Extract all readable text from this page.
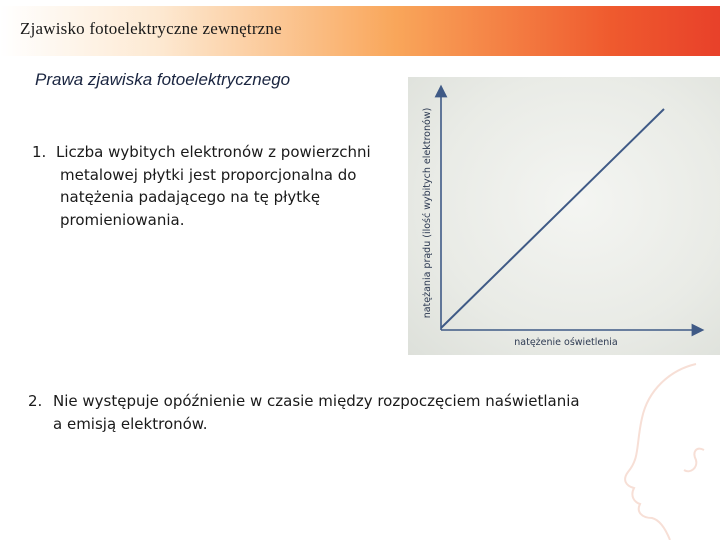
Zjawisko fotoelektryczne zewnętrzne
Prawa zjawiska fotoelektrycznego
1. Liczba wybitych elektronów z powierzchni metalowej płytki jest proporcjonalna do natężenia padającego na tę płytkę promieniowania.
natężenie oświetlenia
natężania prądu (ilość wybitych elektronów)
2. Nie występuje opóźnienie w czasie między rozpoczęciem naświetlania
a emisją elektronów.
